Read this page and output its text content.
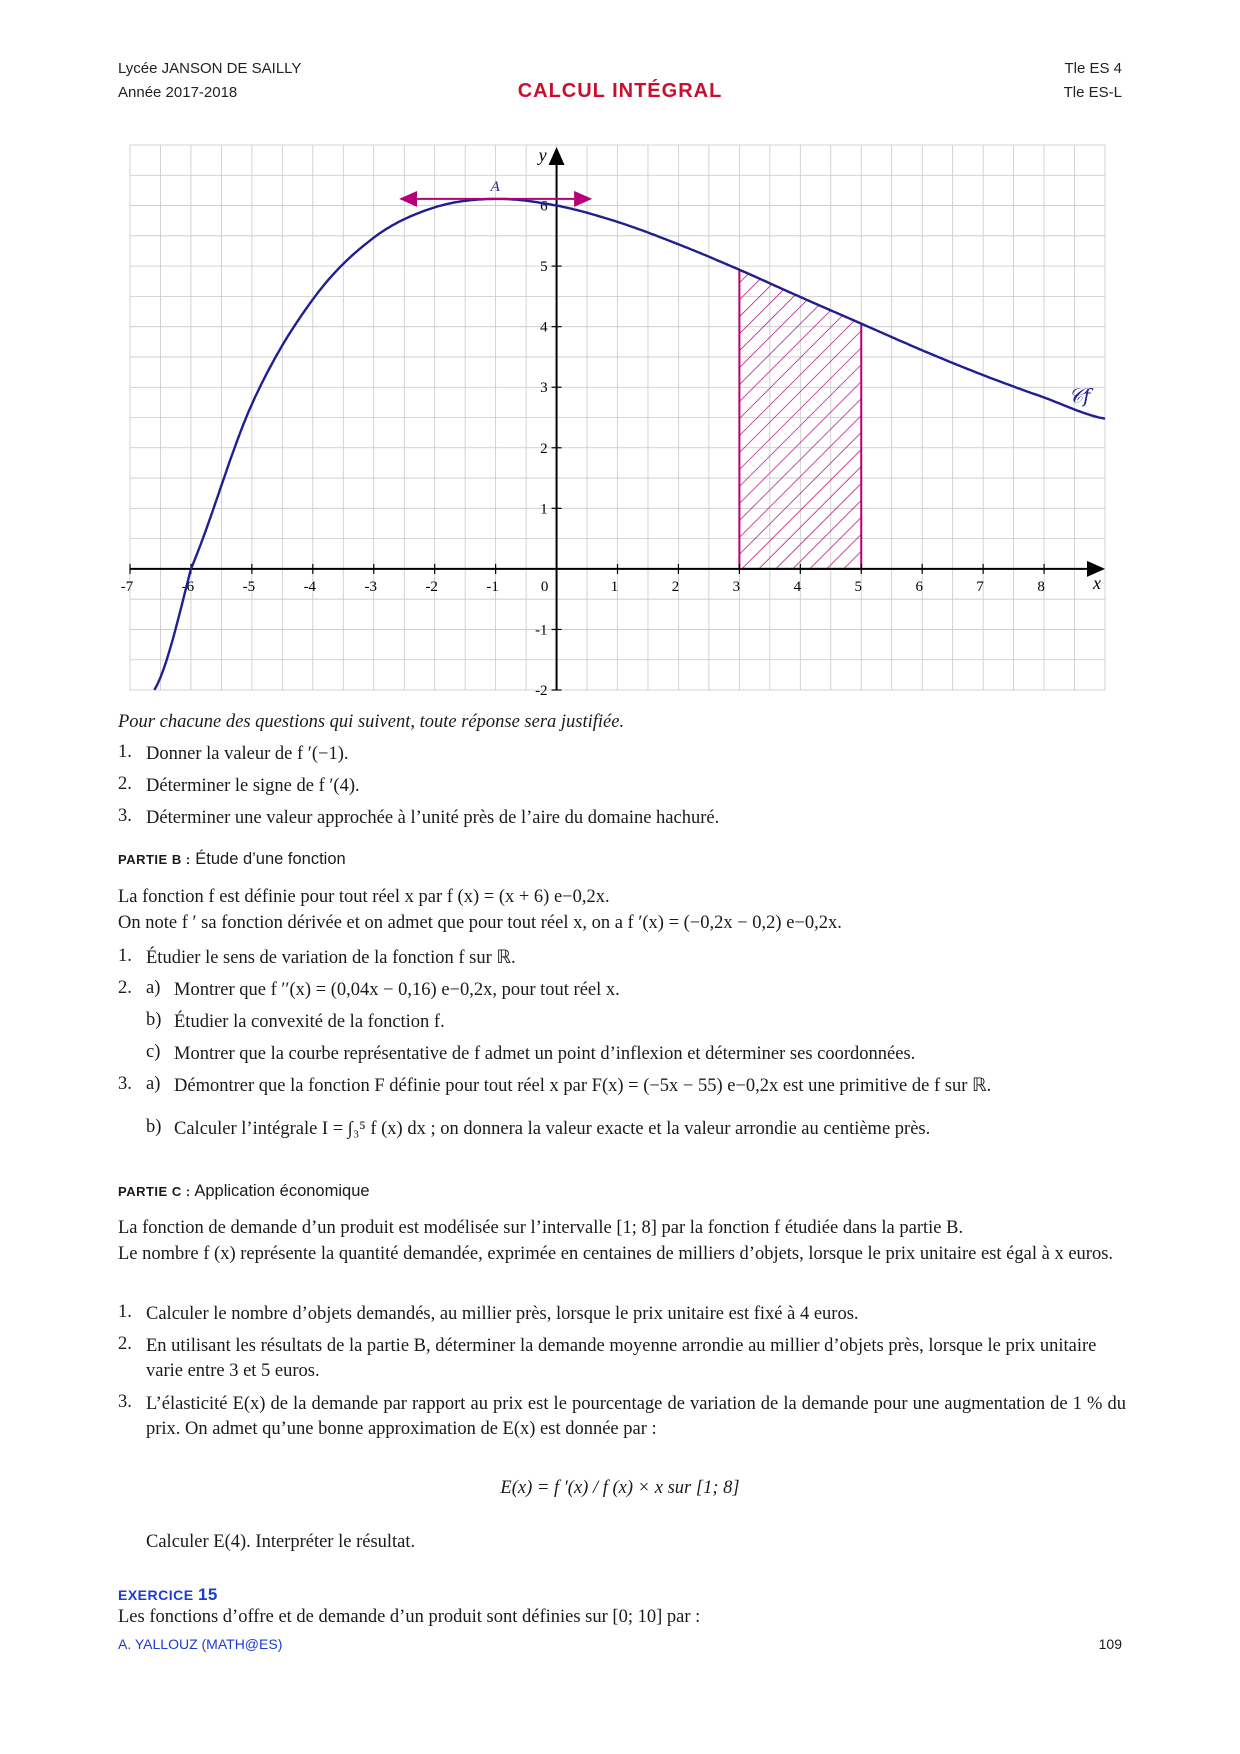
Lycée JANSON DE SAILLY
Année 2017-2018	CALCUL INTÉGRAL
Tle ES 4
Tle ES-L
-7	-6	-5	-4	-3	-2	-1	0	1	2	3	4	5	6	7	8
-2
-1
1
2
3
4
5
6
x
y
A
𝒞f
Pour chacune des questions qui suivent, toute réponse sera justifiée.
1. Donner la valeur de f ′(−1).
2. Déterminer le signe de f ′(4).
3. Déterminer une valeur approchée à l’unité près de l’aire du domaine hachuré.
PARTIE B : Étude d’une fonction
La fonction f est définie pour tout réel x par f (x) = (x + 6) e−0,2x.
On note f ′ sa fonction dérivée et on admet que pour tout réel x, on a f ′(x) = (−0,2x − 0,2) e−0,2x.
1. Étudier le sens de variation de la fonction f sur ℝ.
2. a) Montrer que f ′′(x) = (0,04x − 0,16) e−0,2x, pour tout réel x.
b) Étudier la convexité de la fonction f.
c) Montrer que la courbe représentative de f admet un point d’inflexion et déterminer ses coordonnées.
3. a) Démontrer que la fonction F définie pour tout réel x par F(x) = (−5x − 55) e−0,2x est une primitive de f sur ℝ.
b) Calculer l’intégrale I = ∫₃⁵ f (x) dx ; on donnera la valeur exacte et la valeur arrondie au centième près.
PARTIE C : Application économique
La fonction de demande d’un produit est modélisée sur l’intervalle [1; 8] par la fonction f étudiée dans la partie B.
Le nombre f (x) représente la quantité demandée, exprimée en centaines de milliers d’objets, lorsque le prix unitaire est égal à x euros.
1. Calculer le nombre d’objets demandés, au millier près, lorsque le prix unitaire est fixé à 4 euros.
2. En utilisant les résultats de la partie B, déterminer la demande moyenne arrondie au millier d’objets près, lorsque le prix unitaire varie entre 3 et 5 euros.
3. L’élasticité E(x) de la demande par rapport au prix est le pourcentage de variation de la demande pour une augmentation de 1 % du prix. On admet qu’une bonne approximation de E(x) est donnée par :
E(x) = f ′(x) / f (x) × x sur [1; 8]
Calculer E(4). Interpréter le résultat.
EXERCICE 15
Les fonctions d’offre et de demande d’un produit sont définies sur [0; 10] par :
A. YALLOUZ (MATH@ES)	109
